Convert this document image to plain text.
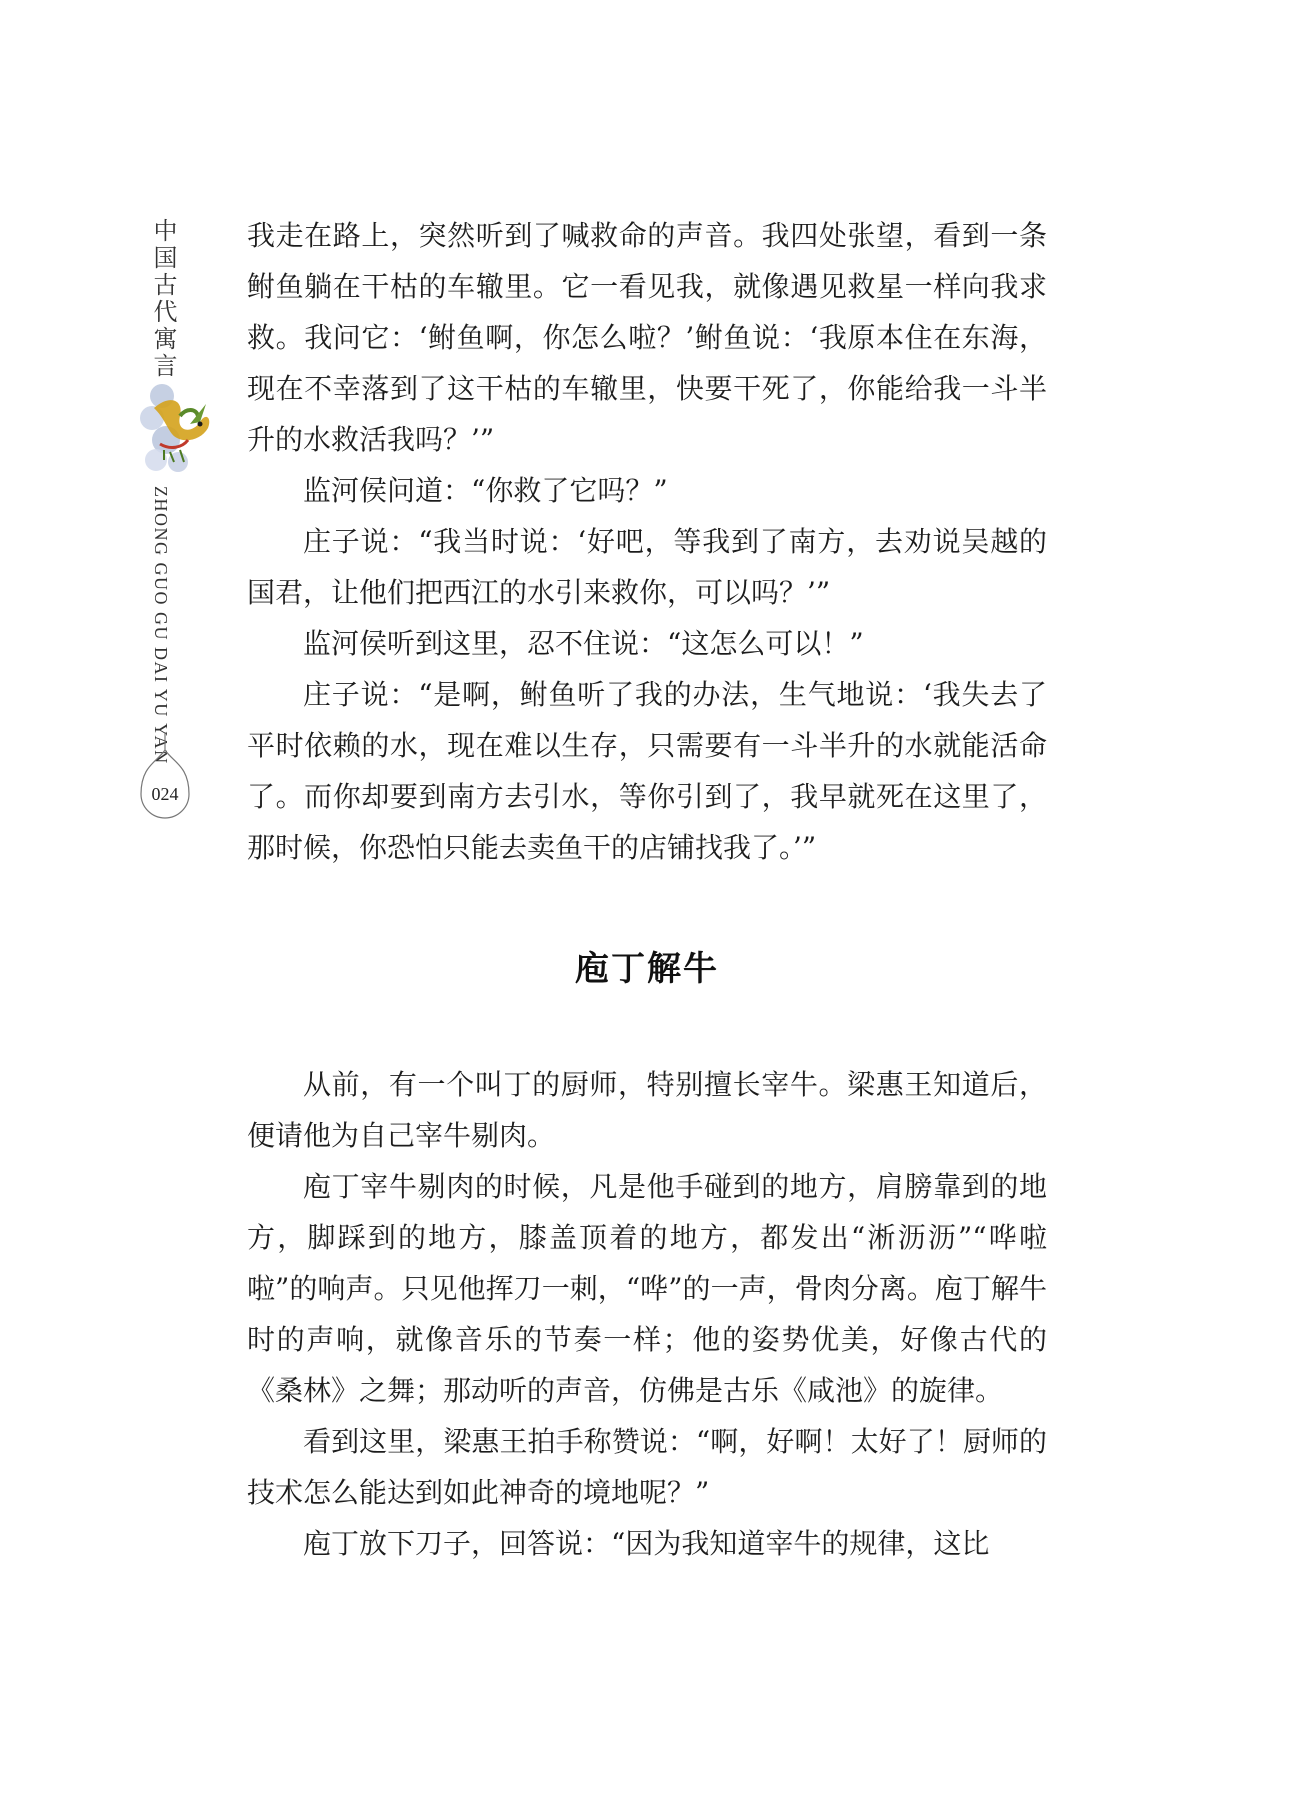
中国古代寓言
ZHONG GUO GU DAI YU YAN
024

我走在路上，突然听到了喊救命的声音。我四处张望，看到一条鲋鱼躺在干枯的车辙里。它一看见我，就像遇见救星一样向我求救。我问它：‘鲋鱼啊，你怎么啦？’鲋鱼说：‘我原本住在东海，现在不幸落到了这干枯的车辙里，快要干死了，你能给我一斗半升的水救活我吗？’”

监河侯问道：“你救了它吗？”

庄子说：“我当时说：‘好吧，等我到了南方，去劝说吴越的国君，让他们把西江的水引来救你，可以吗？’”

监河侯听到这里，忍不住说：“这怎么可以！”

庄子说：“是啊，鲋鱼听了我的办法，生气地说：‘我失去了平时依赖的水，现在难以生存，只需要有一斗半升的水就能活命了。而你却要到南方去引水，等你引到了，我早就死在这里了，那时候，你恐怕只能去卖鱼干的店铺找我了。’”

庖丁解牛

从前，有一个叫丁的厨师，特别擅长宰牛。梁惠王知道后，便请他为自己宰牛剔肉。

庖丁宰牛剔肉的时候，凡是他手碰到的地方，肩膀靠到的地方，脚踩到的地方，膝盖顶着的地方，都发出“淅沥沥”“哗啦啦”的响声。只见他挥刀一刺，“哗”的一声，骨肉分离。庖丁解牛时的声响，就像音乐的节奏一样；他的姿势优美，好像古代的《桑林》之舞；那动听的声音，仿佛是古乐《咸池》的旋律。

看到这里，梁惠王拍手称赞说：“啊，好啊！太好了！厨师的技术怎么能达到如此神奇的境地呢？”

庖丁放下刀子，回答说：“因为我知道宰牛的规律，这比
